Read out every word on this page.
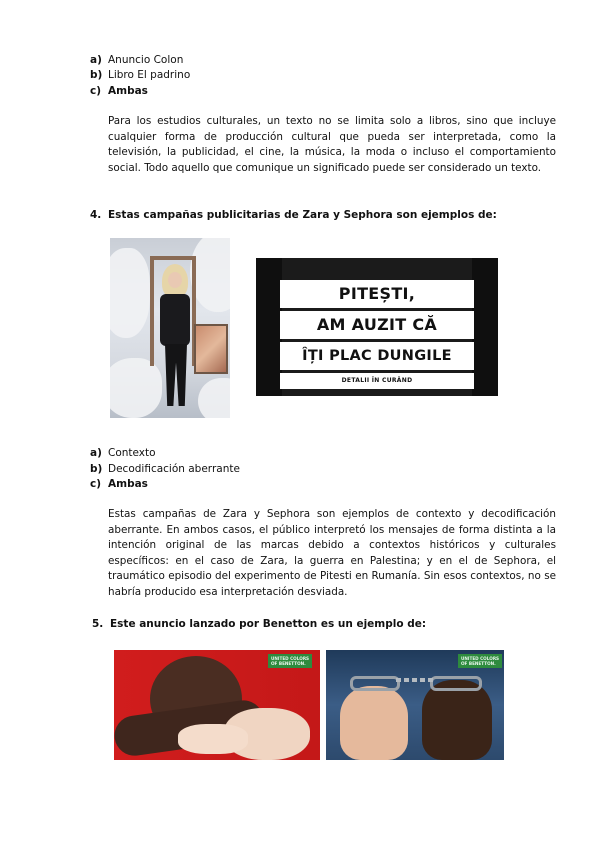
a) Anuncio Colon
b) Libro El padrino
c) Ambas

Para los estudios culturales, un texto no se limita solo a libros, sino que incluye cualquier forma de producción cultural que pueda ser interpretada, como la televisión, la publicidad, el cine, la música, la moda o incluso el comportamiento social. Todo aquello que comunique un significado puede ser considerado un texto.

4. Estas campañas publicitarias de Zara y Sephora son ejemplos de:
PITEȘTI,
AM AUZIT CĂ
ÎȚI PLAC DUNGILE
DETALII ÎN CURÂND
a) Contexto
b) Decodificación aberrante
c) Ambas

Estas campañas de Zara y Sephora son ejemplos de contexto y decodificación aberrante. En ambos casos, el público interpretó los mensajes de forma distinta a la intención original de las marcas debido a contextos históricos y culturales específicos: en el caso de Zara, la guerra en Palestina; y en el de Sephora, el traumático episodio del experimento de Pitesti en Rumanía. Sin esos contextos, no se habría producido esa interpretación desviada.

5. Este anuncio lanzado por Benetton es un ejemplo de:
UNITED COLORS
OF BENETTON.
UNITED COLORS
OF BENETTON.
